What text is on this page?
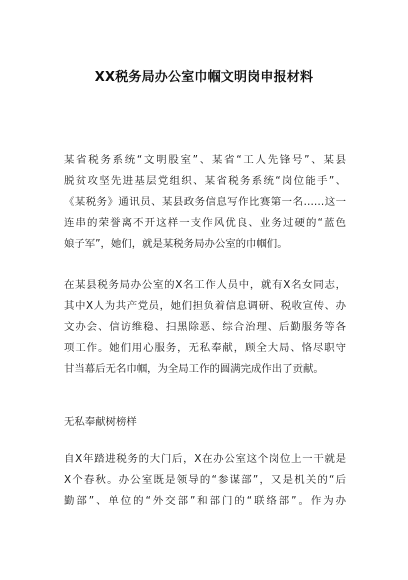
XX税务局办公室巾帼文明岗申报材料
某省税务系统“文明股室”、某省“工人先锋号”、某县
脱贫攻坚先进基层党组织、某省税务系统“岗位能手”、
《某税务》通讯员、某县政务信息写作比赛第一名……这一
连串的荣誉离不开这样一支作风优良、业务过硬的“蓝色
娘子军”，她们，就是某税务局办公室的巾帼们。
在某县税务局办公室的X名工作人员中，就有X名女同志，
其中X人为共产党员，她们担负着信息调研、税收宣传、办
文办会、信访维稳、扫黑除恶、综合治理、后勤服务等各
项工作。她们用心服务，无私奉献，顾全大局、恪尽职守
甘当幕后无名巾帼，为全局工作的圆满完成作出了贡献。
无私奉献树榜样
自X年踏进税务的大门后，X在办公室这个岗位上一干就是
X个春秋。办公室既是领导的“参谋部”，又是机关的“后
勤部”、单位的“外交部”和部门的“联络部”。作为办
